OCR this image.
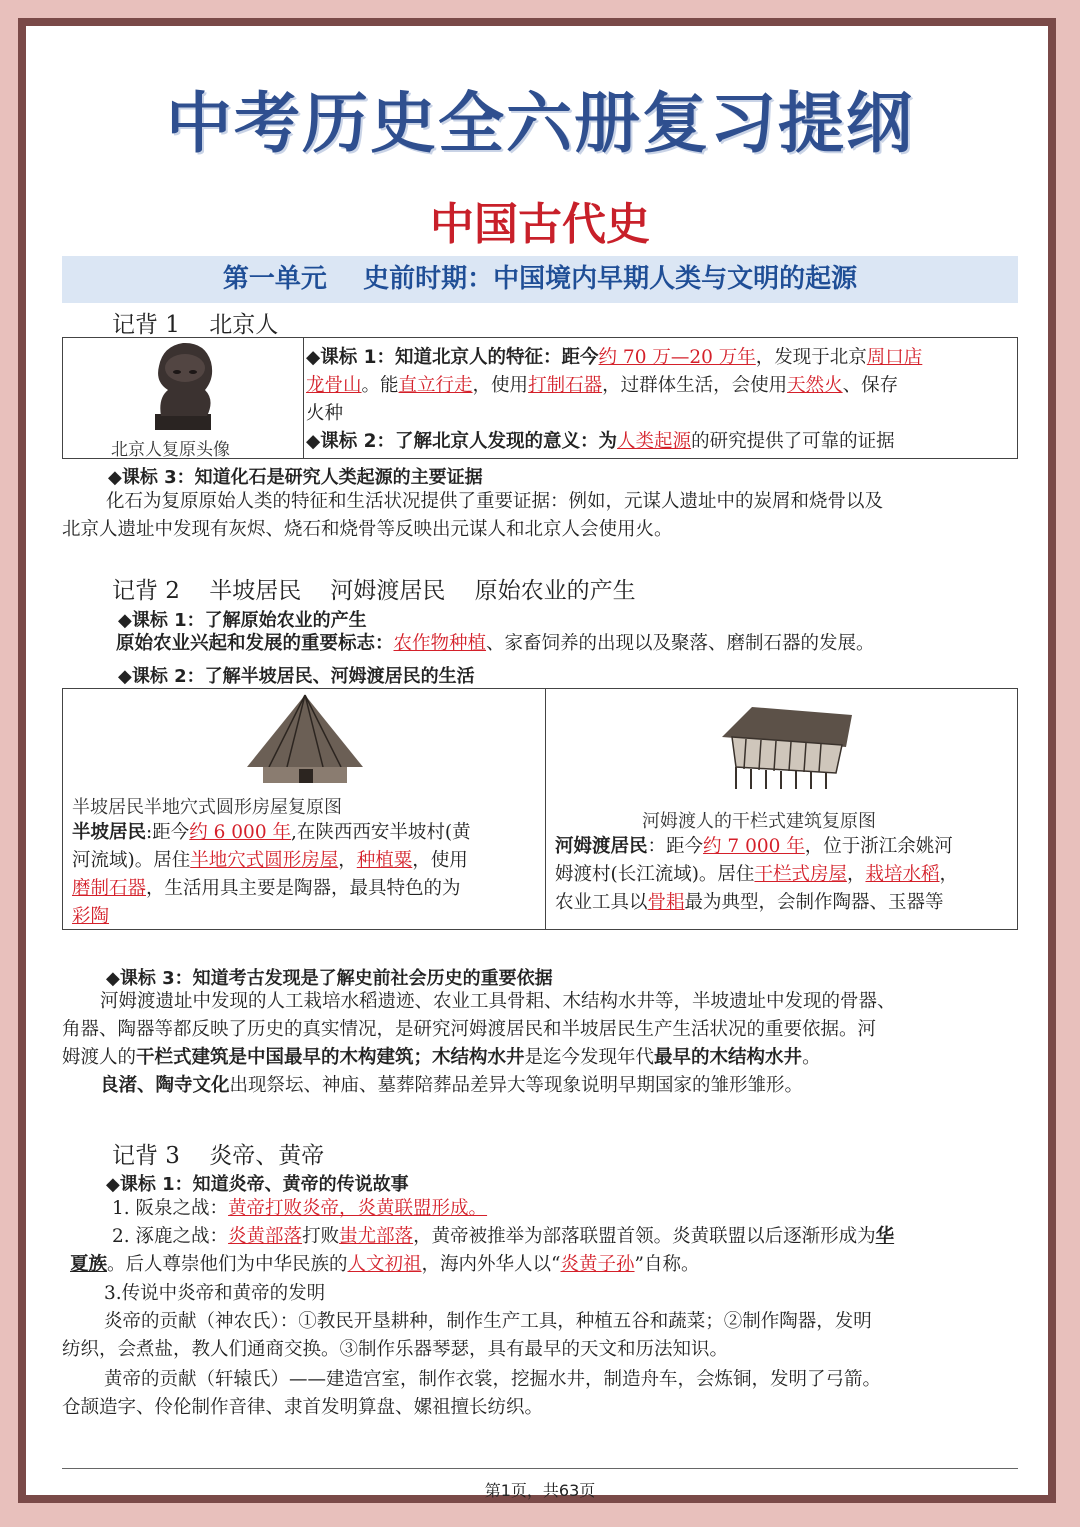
中考历史全六册复习提纲
中国古代史
第一单元    史前时期：中国境内早期人类与文明的起源
记背 1    北京人
北京人复原头像

◆课标 1：知道北京人的特征：距今约 70 万—20 万年，发现于北京周口店
龙骨山。能直立行走，使用打制石器，过群体生活，会使用天然火、保存
火种
◆课标 2：了解北京人发现的意义：为人类起源的研究提供了可靠的证据
◆课标 3：知道化石是研究人类起源的主要证据
化石为复原原始人类的特征和生活状况提供了重要证据：例如，元谋人遗址中的炭屑和烧骨以及
北京人遗址中发现有灰烬、烧石和烧骨等反映出元谋人和北京人会使用火。
记背 2    半坡居民    河姆渡居民    原始农业的产生
◆课标 1：了解原始农业的产生
原始农业兴起和发展的重要标志：农作物种植、家畜饲养的出现以及聚落、磨制石器的发展。
◆课标 2：了解半坡居民、河姆渡居民的生活
半坡居民半地穴式圆形房屋复原图
半坡居民:距今约 6 000 年,在陕西西安半坡村(黄
河流域)。居住半地穴式圆形房屋，种植粟，使用
磨制石器，生活用具主要是陶器，最具特色的为
彩陶

河姆渡人的干栏式建筑复原图
河姆渡居民：距今约 7 000 年，位于浙江余姚河
姆渡村(长江流域)。居住干栏式房屋，栽培水稻，
农业工具以骨耜最为典型，会制作陶器、玉器等
◆课标 3：知道考古发现是了解史前社会历史的重要依据
河姆渡遗址中发现的人工栽培水稻遗迹、农业工具骨耜、木结构水井等，半坡遗址中发现的骨器、
角器、陶器等都反映了历史的真实情况，是研究河姆渡居民和半坡居民生产生活状况的重要依据。河
姆渡人的干栏式建筑是中国最早的木构建筑；木结构水井是迄今发现年代最早的木结构水井。
良渚、陶寺文化出现祭坛、神庙、墓葬陪葬品差异大等现象说明早期国家的雏形雏形。
记背 3    炎帝、黄帝
◆课标 1：知道炎帝、黄帝的传说故事
1. 阪泉之战：黄帝打败炎帝，炎黄联盟形成。
2. 涿鹿之战：炎黄部落打败蚩尤部落，黄帝被推举为部落联盟首领。炎黄联盟以后逐渐形成为华
夏族。后人尊崇他们为中华民族的人文初祖，海内外华人以“炎黄子孙”自称。
3.传说中炎帝和黄帝的发明
炎帝的贡献（神农氏）：①教民开垦耕种，制作生产工具，种植五谷和蔬菜；②制作陶器，发明
纺织，会煮盐，教人们通商交换。③制作乐器琴瑟，具有最早的天文和历法知识。
黄帝的贡献（轩辕氏）——建造宫室，制作衣裳，挖掘水井，制造舟车，会炼铜，发明了弓箭。
仓颉造字、伶伦制作音律、隶首发明算盘、嫘祖擅长纺织。
第1页，共63页
